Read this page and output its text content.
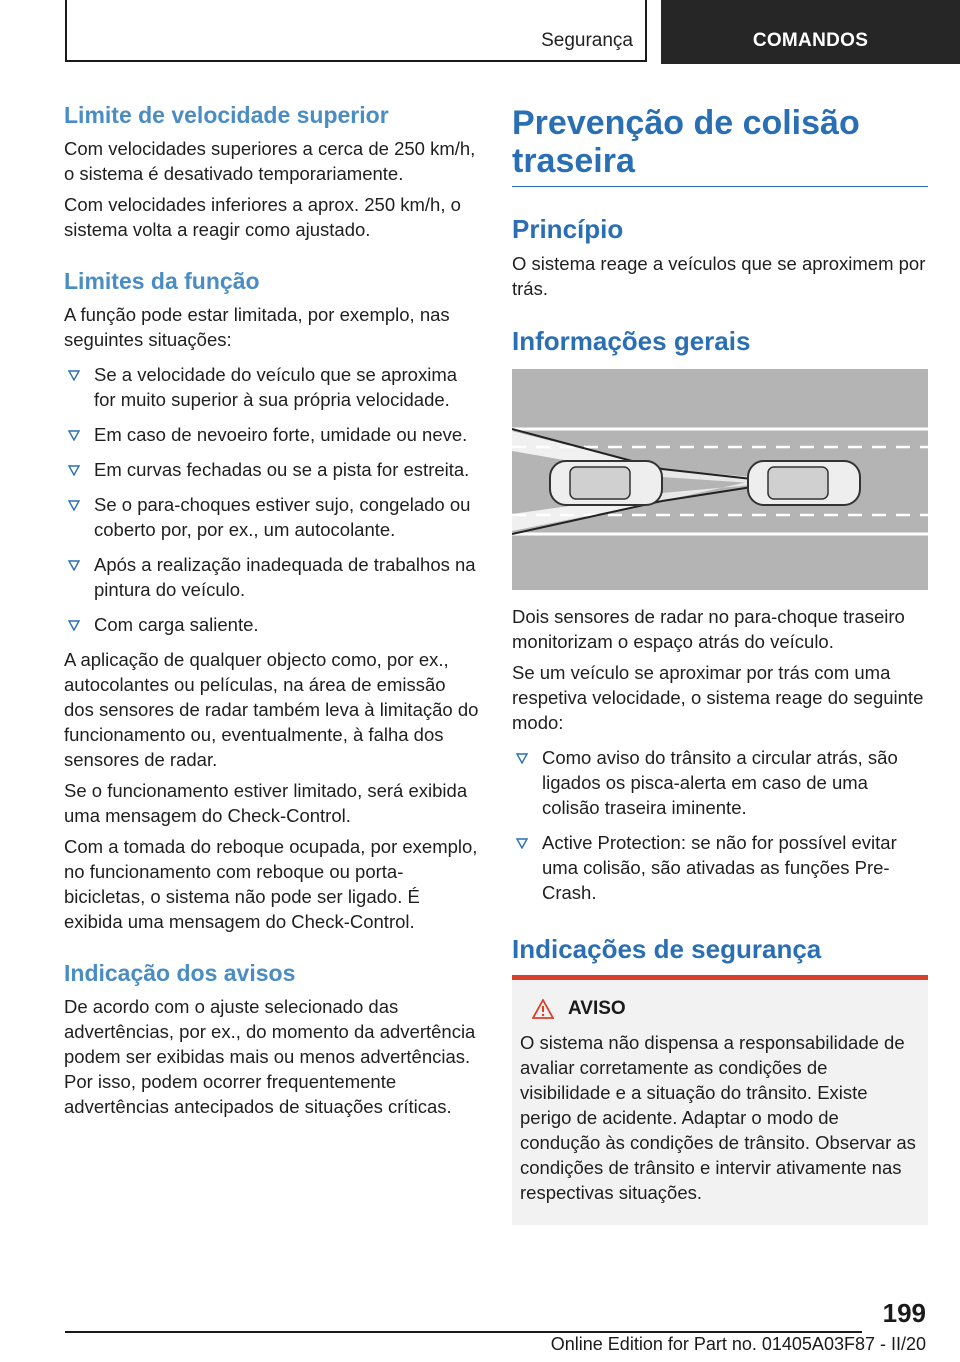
Segurança	COMANDOS
Limite de velocidade superior

Com velocidades superiores a cerca de 250 km/h, o sistema é desativado temporariamente.

Com velocidades inferiores a aprox. 250 km/h, o sistema volta a reagir como ajustado.

Limites da função

A função pode estar limitada, por exemplo, nas seguintes situações:

Se a velocidade do veículo que se aproxima for muito superior à sua própria velocidade.
Em caso de nevoeiro forte, umidade ou neve.
Em curvas fechadas ou se a pista for estreita.
Se o para-choques estiver sujo, congelado ou coberto por, por ex., um autocolante.
Após a realização inadequada de trabalhos na pintura do veículo.
Com carga saliente.

A aplicação de qualquer objecto como, por ex., autocolantes ou películas, na área de emissão dos sensores de radar também leva à limitação do funcionamento ou, eventualmente, à falha dos sensores de radar.

Se o funcionamento estiver limitado, será exibida uma mensagem do Check-Control.

Com a tomada do reboque ocupada, por exemplo, no funcionamento com reboque ou porta-bicicletas, o sistema não pode ser ligado. É exibida uma mensagem do Check-Control.

Indicação dos avisos

De acordo com o ajuste selecionado das advertências, por ex., do momento da advertência podem ser exibidas mais ou menos advertências. Por isso, podem ocorrer frequentemente advertências antecipados de situações críticas.

Prevenção de colisão traseira
Princípio

O sistema reage a veículos que se aproximem por trás.

Informações gerais

Dois sensores de radar no para-choque traseiro monitorizam o espaço atrás do veículo.

Se um veículo se aproximar por trás com uma respetiva velocidade, o sistema reage do seguinte modo:

Como aviso do trânsito a circular atrás, são ligados os pisca-alerta em caso de uma colisão traseira iminente.
Active Protection: se não for possível evitar uma colisão, são ativadas as funções Pre-Crash.
Indicações de segurança
AVISO

O sistema não dispensa a responsabilidade de avaliar corretamente as condições de visibilidade e a situação do trânsito. Existe perigo de acidente. Adaptar o modo de condução às condições de trânsito. Observar as condições de trânsito e intervir ativamente nas respectivas situações.

199
Online Edition for Part no. 01405A03F87 - II/20
